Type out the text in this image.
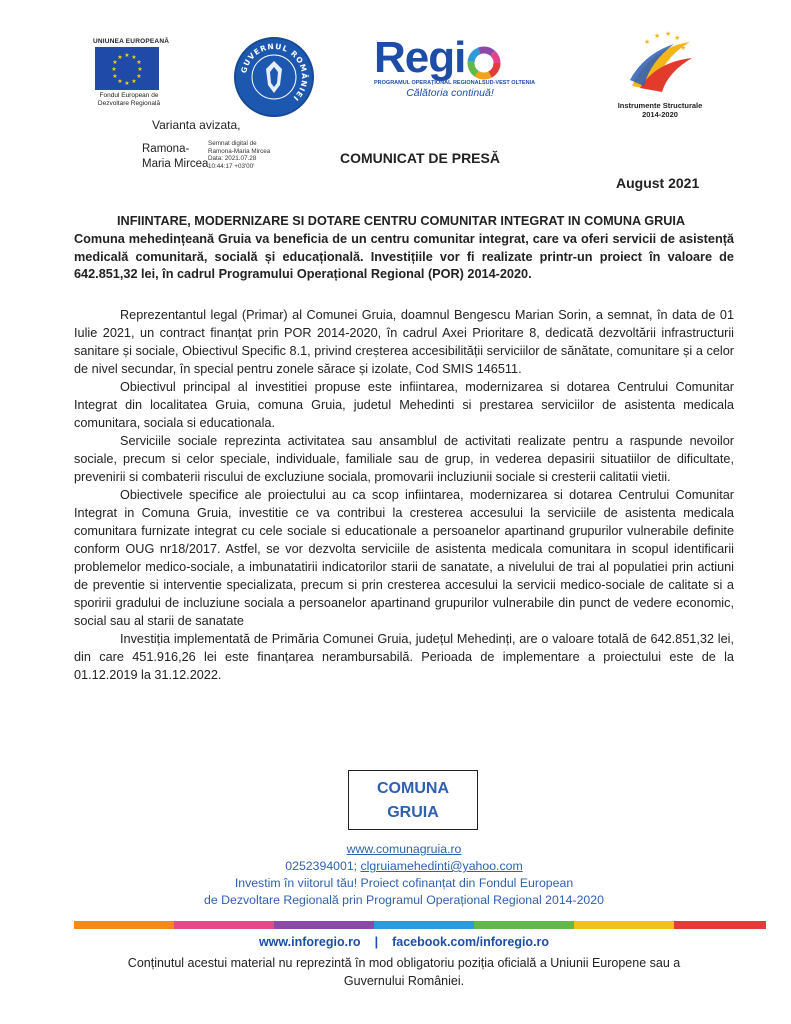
UNIUNEA EUROPEANĂ
★ ★
★
★
★
★
★
★
★
★
★
★
Fondul European de
Dezvoltare Regională
GUVERNUL ROMÂNIEI
Regi
PROGRAMUL OPERAȚIONAL REGIONAL SUD-VEST OLTENIA
Călătoria continuă!
★ ★ ★
★
★
Instrumente Structurale
2014-2020
Varianta avizata,
Ramona-
Maria Mircea
Semnat digital de
Ramona-Maria Mircea
Data: 2021.07.28
10:44:17 +03'00'
COMUNICAT DE PRESĂ
August 2021
INFIINTARE, MODERNIZARE SI DOTARE CENTRU COMUNITAR INTEGRAT IN COMUNA GRUIA
Comuna mehedințeană Gruia va beneficia de un centru comunitar integrat, care va oferi servicii de asistență medicală comunitară, socială și educațională. Investițiile vor fi realizate printr-un proiect în valoare de 642.851,32 lei, în cadrul Programului Operațional Regional (POR) 2014-2020.

Reprezentantul legal (Primar) al Comunei Gruia, doamnul Bengescu Marian Sorin, a semnat, în data de 01 Iulie 2021, un contract finanțat prin POR 2014-2020, în cadrul Axei Prioritare 8, dedicată dezvoltării infrastructurii sanitare și sociale, Obiectivul Specific 8.1, privind creșterea accesibilității serviciilor de sănătate, comunitare și a celor de nivel secundar, în special pentru zonele sărace și izolate, Cod SMIS 146511.

Obiectivul principal al investitiei propuse este infiintarea, modernizarea si dotarea Centrului Comunitar Integrat din localitatea Gruia, comuna Gruia, judetul Mehedinti si prestarea serviciilor de asistenta medicala comunitara, sociala si educationala.

Serviciile sociale reprezinta activitatea sau ansamblul de activitati realizate pentru a raspunde nevoilor sociale, precum si celor speciale, individuale, familiale sau de grup, in vederea depasirii situatiilor de dificultate, prevenirii si combaterii riscului de excluziune sociala, promovarii incluziunii sociale si cresterii calitatii vietii.

Obiectivele specifice ale proiectului au ca scop infiintarea, modernizarea si dotarea Centrului Comunitar Integrat in Comuna Gruia, investitie ce va contribui la cresterea accesului la serviciile de asistenta medicala comunitara furnizate integrat cu cele sociale si educationale a persoanelor apartinand grupurilor vulnerabile definite conform OUG nr18/2017. Astfel, se vor dezvolta serviciile de asistenta medicala comunitara in scopul identificarii problemelor medico-sociale, a imbunatatirii indicatorilor starii de sanatate, a nivelului de trai al populatiei prin actiuni de preventie si interventie specializata, precum si prin cresterea accesului la servicii medico-sociale de calitate si a sporirii gradului de incluziune sociala a persoanelor apartinand grupurilor vulnerabile din punct de vedere economic, social sau al starii de sanatate

Investiția implementată de Primăria Comunei Gruia, județul Mehedinți, are o valoare totală de 642.851,32 lei, din care 451.916,26 lei este finanțarea nerambursabilă. Perioada de implementare a proiectului este de la 01.12.2019 la 31.12.2022.

COMUNA
GRUIA
www.comunagruia.ro
0252394001; clgruiamehedinti@yahoo.com
Investim în viitorul tău! Proiect cofinanțat din Fondul European
de Dezvoltare Regională prin Programul Operațional Regional 2014-2020
www.inforegio.ro | facebook.com/inforegio.ro
Conținutul acestui material nu reprezintă în mod obligatoriu poziția oficială a Uniunii Europene sau a
Guvernului României.
